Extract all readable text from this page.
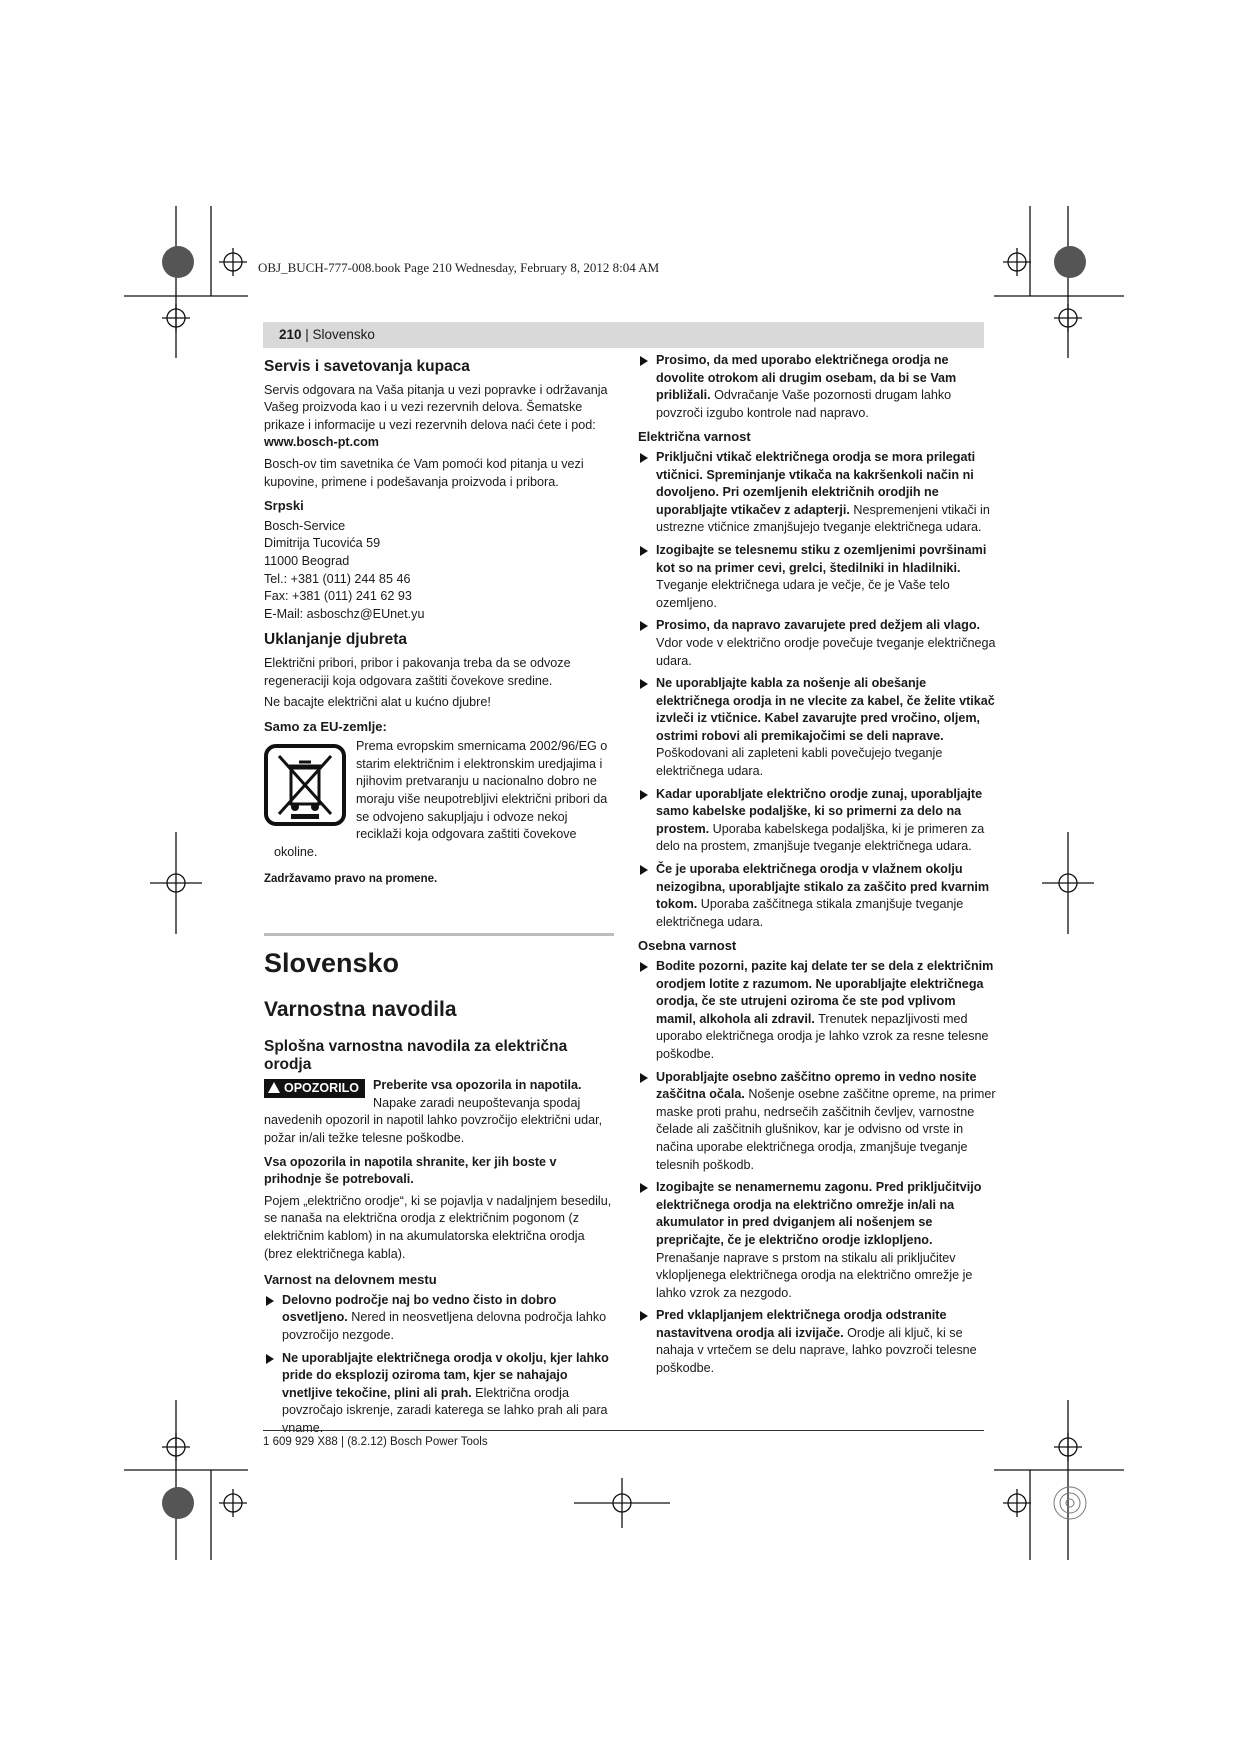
OBJ_BUCH-777-008.book Page 210 Wednesday, February 8, 2012 8:04 AM
210 | Slovensko
Servis i savetovanja kupaca

Servis odgovara na Vaša pitanja u vezi popravke i održavanja Vašeg proizvoda kao i u vezi rezervnih delova. Šematske prikaze i informacije u vezi rezervnih delova naći ćete i pod:

www.bosch-pt.com

Bosch-ov tim savetnika će Vam pomoći kod pitanja u vezi kupovine, primene i podešavanja proizvoda i pribora.

Srpski
Bosch-Service
Dimitrija Tucovića 59
11000 Beograd
Tel.: +381 (011) 244 85 46
Fax: +381 (011) 241 62 93
E-Mail: asboschz@EUnet.yu
Uklanjanje djubreta

Električni pribori, pribor i pakovanja treba da se odvoze regeneraciji koja odgovara zaštiti čovekove sredine.

Ne bacajte električni alat u kućno djubre!

Samo za EU-zemlje:
Prema evropskim smernicama 2002/96/EG o starim električnim i elektronskim uredjajima i njihovim pretvaranju u nacionalno dobro ne moraju više neupotrebljivi električni pribori da se odvojeno sakupljaju i odvoze nekoj reciklaži koja odgovara zaštiti čovekove okoline.

Zadržavamo pravo na promene.

Slovensko
Varnostna navodila
Splošna varnostna navodila za električna orodja

OPOZORILO	Preberite vsa opozorila in napotila. Napake zaradi neupoštevanja spodaj navedenih opozoril in napotil lahko povzročijo električni udar, požar in/ali težke telesne poškodbe.

Vsa opozorila in napotila shranite, ker jih boste v prihodnje še potrebovali.

Pojem „električno orodje“, ki se pojavlja v nadaljnjem besedilu, se nanaša na električna orodja z električnim pogonom (z električnim kablom) in na akumulatorska električna orodja (brez električnega kabla).

Varnost na delovnem mestu
Delovno področje naj bo vedno čisto in dobro osvetljeno. Nered in neosvetljena delovna področja lahko povzročijo nezgode.
Ne uporabljajte električnega orodja v okolju, kjer lahko pride do eksplozij oziroma tam, kjer se nahajajo vnetljive tekočine, plini ali prah. Električna orodja povzročajo iskrenje, zaradi katerega se lahko prah ali para vname.
Prosimo, da med uporabo električnega orodja ne dovolite otrokom ali drugim osebam, da bi se Vam približali. Odvračanje Vaše pozornosti drugam lahko povzroči izgubo kontrole nad napravo.
Električna varnost
Priključni vtikač električnega orodja se mora prilegati vtičnici. Spreminjanje vtikača na kakršenkoli način ni dovoljeno. Pri ozemljenih električnih orodjih ne uporabljajte vtikačev z adapterji. Nespremenjeni vtikači in ustrezne vtičnice zmanjšujejo tveganje električnega udara.
Izogibajte se telesnemu stiku z ozemljenimi površinami kot so na primer cevi, grelci, štedilniki in hladilniki. Tveganje električnega udara je večje, če je Vaše telo ozemljeno.
Prosimo, da napravo zavarujete pred dežjem ali vlago. Vdor vode v električno orodje povečuje tveganje električnega udara.
Ne uporabljajte kabla za nošenje ali obešanje električnega orodja in ne vlecite za kabel, če želite vtikač izvleči iz vtičnice. Kabel zavarujte pred vročino, oljem, ostrimi robovi ali premikajočimi se deli naprave. Poškodovani ali zapleteni kabli povečujejo tveganje električnega udara.
Kadar uporabljate električno orodje zunaj, uporabljajte samo kabelske podaljške, ki so primerni za delo na prostem. Uporaba kabelskega podaljška, ki je primeren za delo na prostem, zmanjšuje tveganje električnega udara.
Če je uporaba električnega orodja v vlažnem okolju neizogibna, uporabljajte stikalo za zaščito pred kvarnim tokom. Uporaba zaščitnega stikala zmanjšuje tveganje električnega udara.
Osebna varnost
Bodite pozorni, pazite kaj delate ter se dela z električnim orodjem lotite z razumom. Ne uporabljajte električnega orodja, če ste utrujeni oziroma če ste pod vplivom mamil, alkohola ali zdravil. Trenutek nepazljivosti med uporabo električnega orodja je lahko vzrok za resne telesne poškodbe.
Uporabljajte osebno zaščitno opremo in vedno nosite zaščitna očala. Nošenje osebne zaščitne opreme, na primer maske proti prahu, nedrsečih zaščitnih čevljev, varnostne čelade ali zaščitnih glušnikov, kar je odvisno od vrste in načina uporabe električnega orodja, zmanjšuje tveganje telesnih poškodb.
Izogibajte se nenamernemu zagonu. Pred priključitvijo električnega orodja na električno omrežje in/ali na akumulator in pred dviganjem ali nošenjem se prepričajte, če je električno orodje izklopljeno. Prenašanje naprave s prstom na stikalu ali priključitev vklopljenega električnega orodja na električno omrežje je lahko vzrok za nezgodo.
Pred vklapljanjem električnega orodja odstranite nastavitvena orodja ali izvijače. Orodje ali ključ, ki se nahaja v vrtečem se delu naprave, lahko povzroči telesne poškodbe.
1 609 929 X88 | (8.2.12) Bosch Power Tools
